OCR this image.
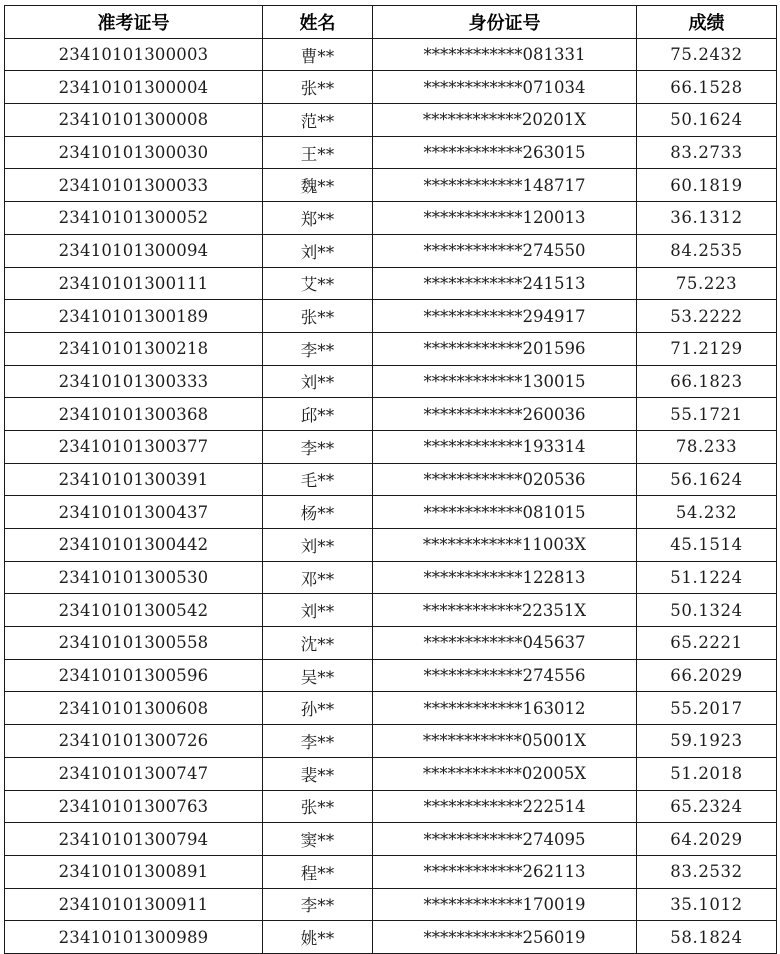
准考证号	姓名	身份证号	成绩
23410101300003	曹**	************081331	75.2432
23410101300004	张**	************071034	66.1528
23410101300008	范**	************20201X	50.1624
23410101300030	王**	************263015	83.2733
23410101300033	魏**	************148717	60.1819
23410101300052	郑**	************120013	36.1312
23410101300094	刘**	************274550	84.2535
23410101300111	艾**	************241513	75.223
23410101300189	张**	************294917	53.2222
23410101300218	李**	************201596	71.2129
23410101300333	刘**	************130015	66.1823
23410101300368	邱**	************260036	55.1721
23410101300377	李**	************193314	78.233
23410101300391	毛**	************020536	56.1624
23410101300437	杨**	************081015	54.232
23410101300442	刘**	************11003X	45.1514
23410101300530	邓**	************122813	51.1224
23410101300542	刘**	************22351X	50.1324
23410101300558	沈**	************045637	65.2221
23410101300596	吴**	************274556	66.2029
23410101300608	孙**	************163012	55.2017
23410101300726	李**	************05001X	59.1923
23410101300747	裴**	************02005X	51.2018
23410101300763	张**	************222514	65.2324
23410101300794	窦**	************274095	64.2029
23410101300891	程**	************262113	83.2532
23410101300911	李**	************170019	35.1012
23410101300989	姚**	************256019	58.1824
